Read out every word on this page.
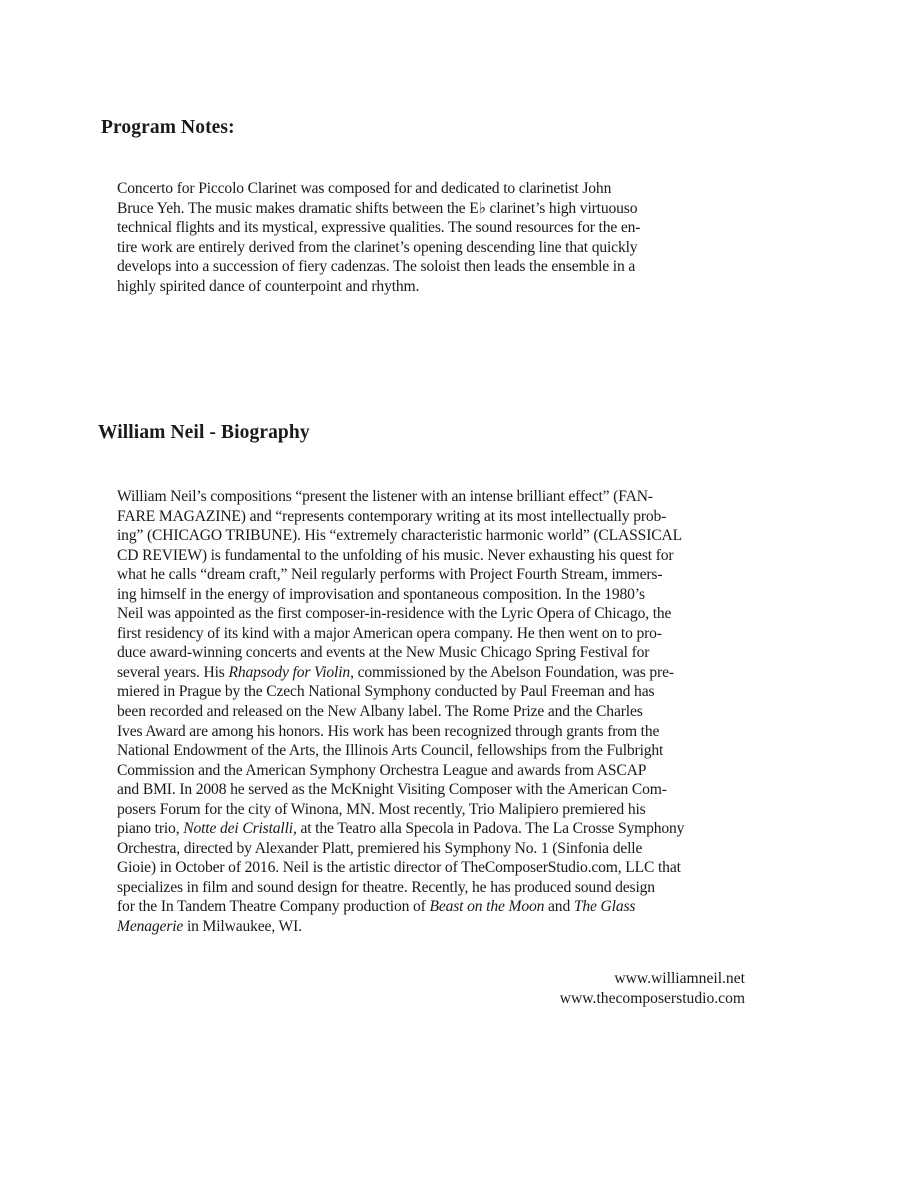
Program Notes:
Concerto for Piccolo Clarinet was composed for and dedicated to clarinetist John
Bruce Yeh. The music makes dramatic shifts between the E♭ clarinet’s high virtuouso
technical flights and its mystical, expressive qualities. The sound resources for the en-
tire work are entirely derived from the clarinet’s opening descending line that quickly
develops into a succession of fiery cadenzas. The soloist then leads the ensemble in a
highly spirited dance of counterpoint and rhythm.
William Neil - Biography
William Neil’s compositions “present the listener with an intense brilliant effect” (FAN-
FARE MAGAZINE) and “represents contemporary writing at its most intellectually prob-
ing” (CHICAGO TRIBUNE). His “extremely characteristic harmonic world” (CLASSICAL
CD REVIEW) is fundamental to the unfolding of his music. Never exhausting his quest for
what he calls “dream craft,” Neil regularly performs with Project Fourth Stream, immers-
ing himself in the energy of improvisation and spontaneous composition. In the 1980’s
Neil was appointed as the first composer-in-residence with the Lyric Opera of Chicago, the
first residency of its kind with a major American opera company. He then went on to pro-
duce award-winning concerts and events at the New Music Chicago Spring Festival for
several years. His Rhapsody for Violin, commissioned by the Abelson Foundation, was pre-
miered in Prague by the Czech National Symphony conducted by Paul Freeman and has
been recorded and released on the New Albany label. The Rome Prize and the Charles
Ives Award are among his honors. His work has been recognized through grants from the
National Endowment of the Arts, the Illinois Arts Council, fellowships from the Fulbright
Commission and the American Symphony Orchestra League and awards from ASCAP
and BMI. In 2008 he served as the McKnight Visiting Composer with the American Com-
posers Forum for the city of Winona, MN. Most recently, Trio Malipiero premiered his
piano trio, Notte dei Cristalli, at the Teatro alla Specola in Padova. The La Crosse Symphony
Orchestra, directed by Alexander Platt, premiered his Symphony No. 1 (Sinfonia delle
Gioie) in October of 2016. Neil is the artistic director of TheComposerStudio.com, LLC that
specializes in film and sound design for theatre. Recently, he has produced sound design
for the In Tandem Theatre Company production of Beast on the Moon and The Glass
Menagerie in Milwaukee, WI.
www.williamneil.net
www.thecomposerstudio.com
